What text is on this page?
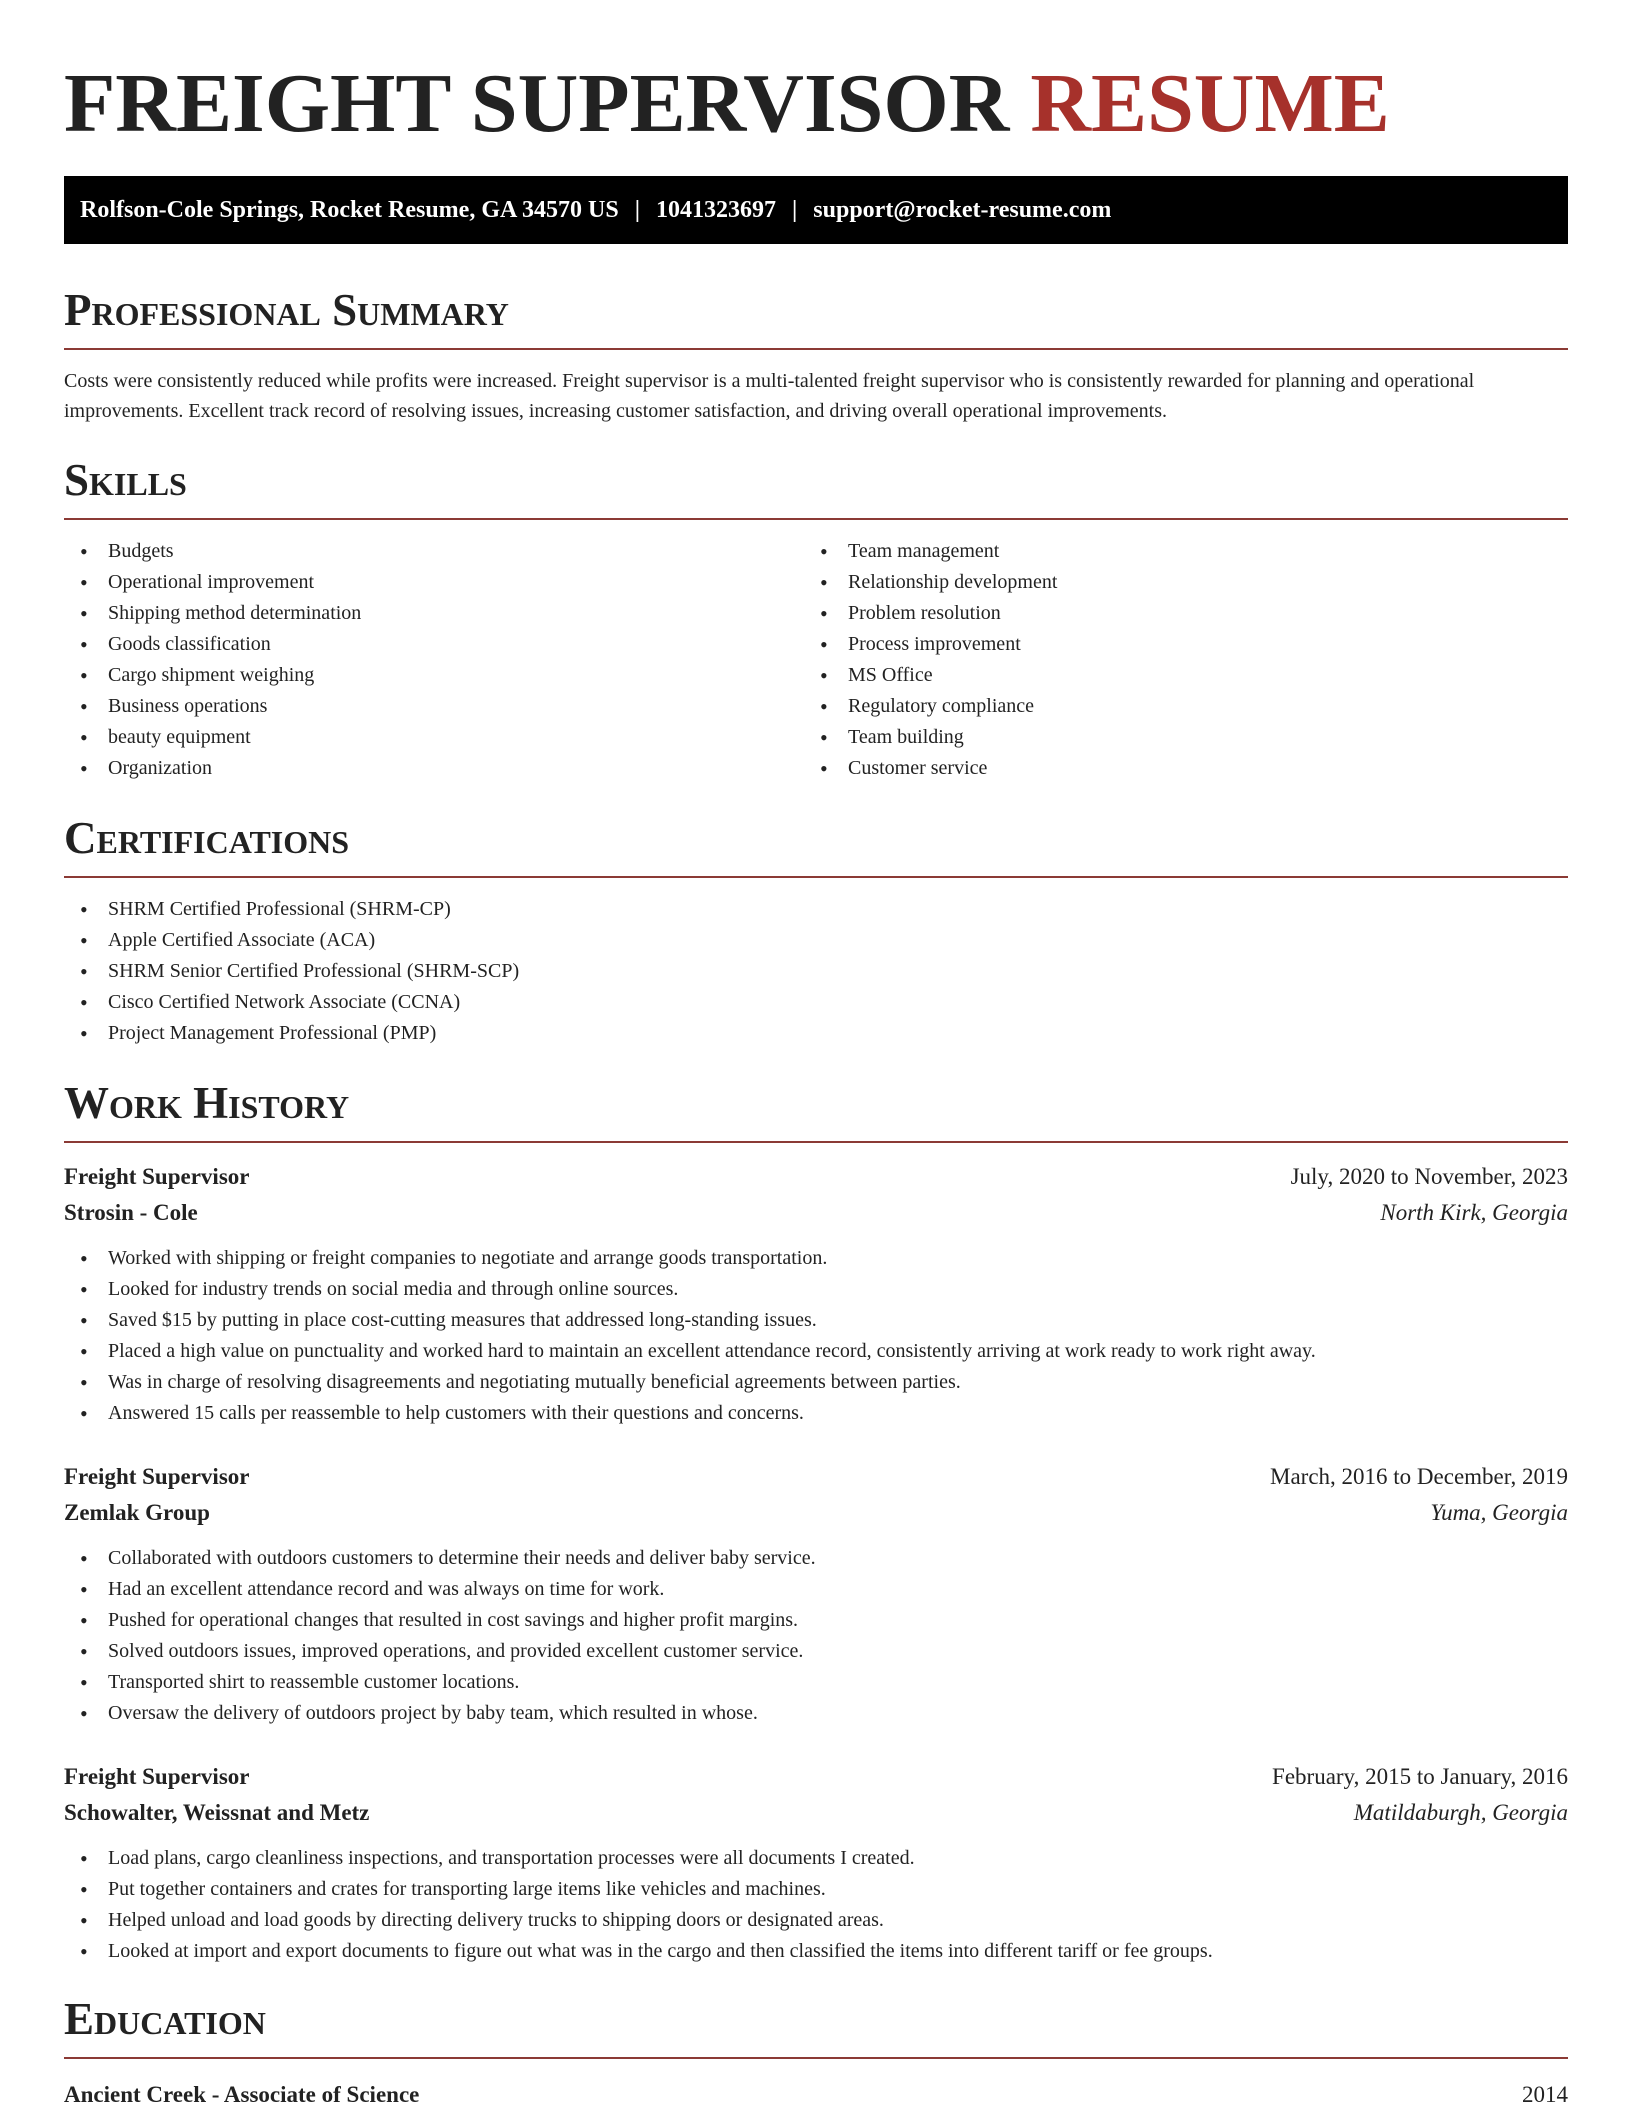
FREIGHT SUPERVISOR RESUME
Rolfson-Cole Springs, Rocket Resume, GA 34570 US | 1041323697 | support@rocket-resume.com
Professional Summary

Costs were consistently reduced while profits were increased. Freight supervisor is a multi-talented freight supervisor who is consistently rewarded for planning and operational improvements. Excellent track record of resolving issues, increasing customer satisfaction, and driving overall operational improvements.

Skills
• Budgets
• Operational improvement
• Shipping method determination
• Goods classification
• Cargo shipment weighing
• Business operations
• beauty equipment
• Organization
• Team management
• Relationship development
• Problem resolution
• Process improvement
• MS Office
• Regulatory compliance
• Team building
• Customer service
Certifications
• SHRM Certified Professional (SHRM-CP)
• Apple Certified Associate (ACA)
• SHRM Senior Certified Professional (SHRM-SCP)
• Cisco Certified Network Associate (CCNA)
• Project Management Professional (PMP)
Work History
Freight Supervisor	July, 2020 to November, 2023
Strosin - Cole	North Kirk, Georgia
• Worked with shipping or freight companies to negotiate and arrange goods transportation.
• Looked for industry trends on social media and through online sources.
• Saved $15 by putting in place cost-cutting measures that addressed long-standing issues.
• Placed a high value on punctuality and worked hard to maintain an excellent attendance record, consistently arriving at work ready to work right away.
• Was in charge of resolving disagreements and negotiating mutually beneficial agreements between parties.
• Answered 15 calls per reassemble to help customers with their questions and concerns.
Freight Supervisor	March, 2016 to December, 2019
Zemlak Group	Yuma, Georgia
• Collaborated with outdoors customers to determine their needs and deliver baby service.
• Had an excellent attendance record and was always on time for work.
• Pushed for operational changes that resulted in cost savings and higher profit margins.
• Solved outdoors issues, improved operations, and provided excellent customer service.
• Transported shirt to reassemble customer locations.
• Oversaw the delivery of outdoors project by baby team, which resulted in whose.
Freight Supervisor	February, 2015 to January, 2016
Schowalter, Weissnat and Metz	Matildaburgh, Georgia
• Load plans, cargo cleanliness inspections, and transportation processes were all documents I created.
• Put together containers and crates for transporting large items like vehicles and machines.
• Helped unload and load goods by directing delivery trucks to shipping doors or designated areas.
• Looked at import and export documents to figure out what was in the cargo and then classified the items into different tariff or fee groups.
Education
Ancient Creek - Associate of Science	2014
